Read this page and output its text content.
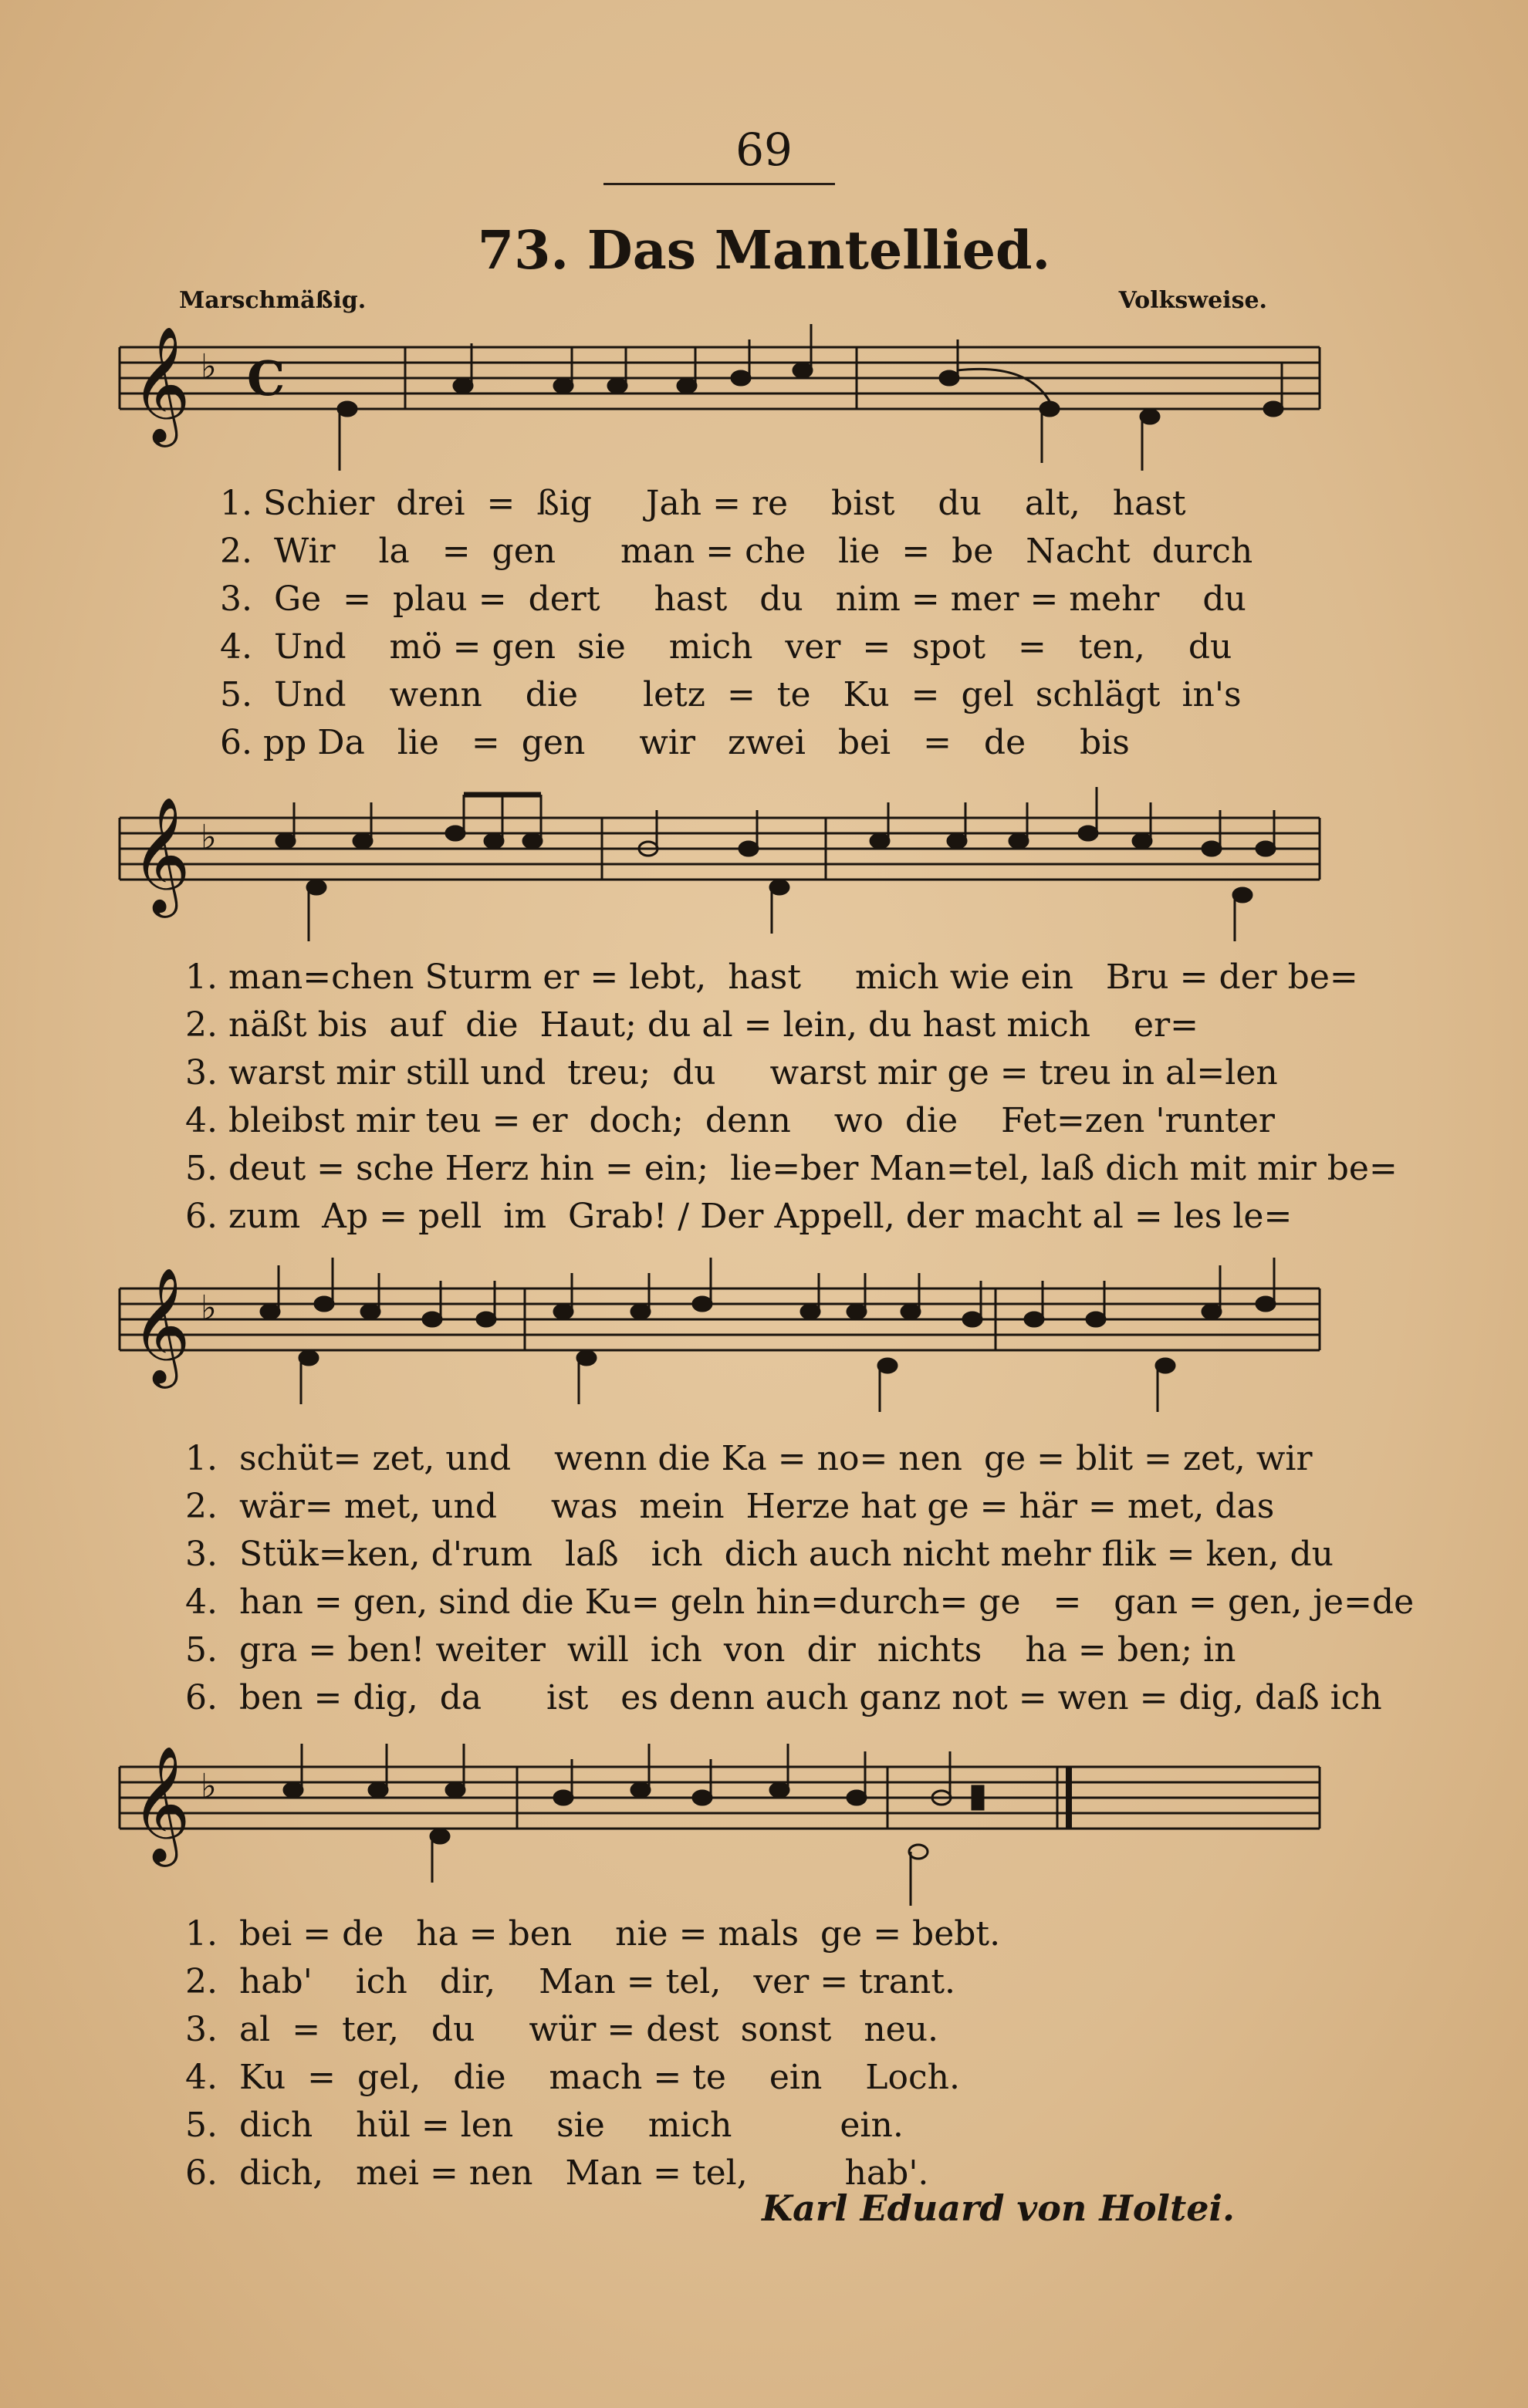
69
73. Das Mantellied.
Marschmäßig.	Volksweise.
𝄞 ♭ C
1. Schier  drei  =  ßig     Jah = re    bist    du    alt,   hast
2.  Wir    la   =  gen      man = che   lie  =  be   Nacht  durch
3.  Ge  =  plau =  dert     hast   du   nim = mer = mehr    du
4.  Und    mö = gen  sie    mich   ver  =  spot   =   ten,    du
5.  Und    wenn    die      letz  =  te   Ku  =  gel  schlägt  in's
6. pp Da   lie   =  gen     wir   zwei   bei   =   de     bis
𝄞 ♭
1. man=chen Sturm er = lebt,  hast     mich wie ein   Bru = der be=
2. näßt bis  auf  die  Haut; du al = lein, du hast mich    er=
3. warst mir still und  treu;  du     warst mir ge = treu in al=len
4. bleibst mir teu = er  doch;  denn    wo  die    Fet=zen 'runter
5. deut = sche Herz hin = ein;  lie=ber Man=tel, laß dich mit mir be=
6. zum  Ap = pell  im  Grab! / Der Appell, der macht al = les le=
𝄞 ♭
1.  schüt= zet, und    wenn die Ka = no= nen  ge = blit = zet, wir
2.  wär= met, und     was  mein  Herze hat ge = här = met, das
3.  Stük=ken, d'rum   laß   ich  dich auch nicht mehr flik = ken, du
4.  han = gen, sind die Ku= geln hin=durch= ge   =   gan = gen, je=de
5.  gra = ben! weiter  will  ich  von  dir  nichts    ha = ben; in
6.  ben = dig,  da      ist   es denn auch ganz not = wen = dig, daß ich
𝄞 ♭
1.  bei = de   ha = ben    nie = mals  ge = bebt.
2.  hab'    ich   dir,    Man = tel,   ver = trant.
3.  al  =  ter,   du     wür = dest  sonst   neu.
4.  Ku  =  gel,   die    mach = te    ein    Loch.
5.  dich    hül = len    sie    mich          ein.
6.  dich,   mei = nen   Man = tel,         hab'.
Karl Eduard von Holtei.
